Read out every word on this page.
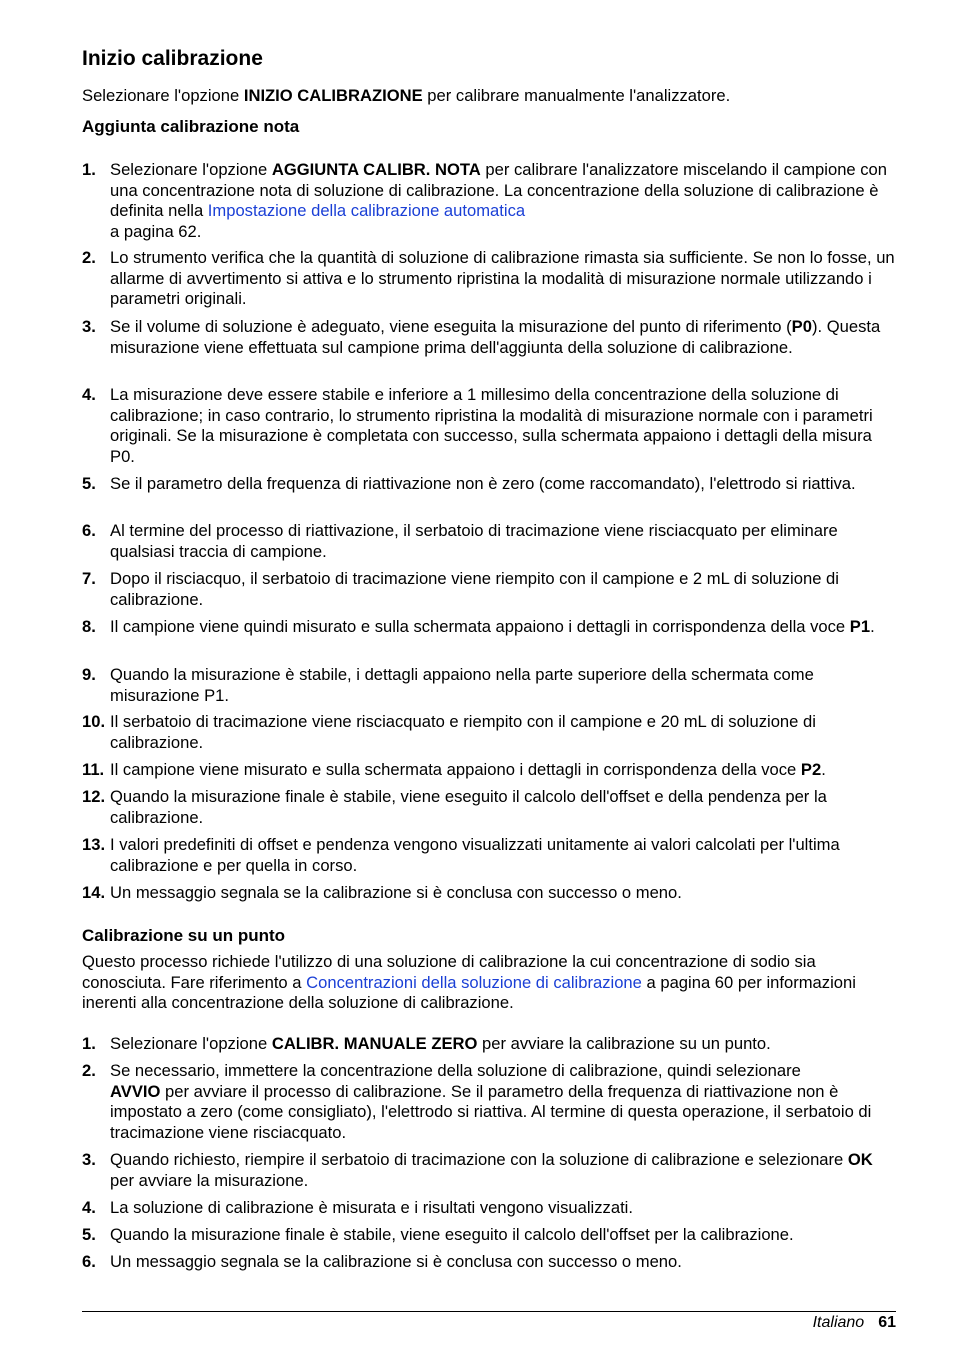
Inizio calibrazione

Selezionare l'opzione INIZIO CALIBRAZIONE per calibrare manualmente l'analizzatore.

Aggiunta calibrazione nota
1. Selezionare l'opzione AGGIUNTA CALIBR. NOTA per calibrare l'analizzatore miscelando il campione con una concentrazione nota di soluzione di calibrazione. La concentrazione della soluzione di calibrazione è definita nella Impostazione della calibrazione automatica
a pagina 62.
2. Lo strumento verifica che la quantità di soluzione di calibrazione rimasta sia sufficiente. Se non lo fosse, un allarme di avvertimento si attiva e lo strumento ripristina la modalità di misurazione normale utilizzando i parametri originali.
3. Se il volume di soluzione è adeguato, viene eseguita la misurazione del punto di riferimento (P0). Questa misurazione viene effettuata sul campione prima dell'aggiunta della soluzione di calibrazione.
4. La misurazione deve essere stabile e inferiore a 1 millesimo della concentrazione della soluzione di calibrazione; in caso contrario, lo strumento ripristina la modalità di misurazione normale con i parametri originali. Se la misurazione è completata con successo, sulla schermata appaiono i dettagli della misura P0.
5. Se il parametro della frequenza di riattivazione non è zero (come raccomandato), l'elettrodo si riattiva.
6. Al termine del processo di riattivazione, il serbatoio di tracimazione viene risciacquato per eliminare qualsiasi traccia di campione.
7. Dopo il risciacquo, il serbatoio di tracimazione viene riempito con il campione e 2 mL di soluzione di calibrazione.
8. Il campione viene quindi misurato e sulla schermata appaiono i dettagli in corrispondenza della voce P1.
9. Quando la misurazione è stabile, i dettagli appaiono nella parte superiore della schermata come misurazione P1.
10. Il serbatoio di tracimazione viene risciacquato e riempito con il campione e 20 mL di soluzione di calibrazione.
11. Il campione viene misurato e sulla schermata appaiono i dettagli in corrispondenza della voce P2.
12. Quando la misurazione finale è stabile, viene eseguito il calcolo dell'offset e della pendenza per la calibrazione.
13. I valori predefiniti di offset e pendenza vengono visualizzati unitamente ai valori calcolati per l'ultima calibrazione e per quella in corso.
14. Un messaggio segnala se la calibrazione si è conclusa con successo o meno.
Calibrazione su un punto

Questo processo richiede l'utilizzo di una soluzione di calibrazione la cui concentrazione di sodio sia conosciuta. Fare riferimento a Concentrazioni della soluzione di calibrazione a pagina 60 per informazioni inerenti alla concentrazione della soluzione di calibrazione.

1. Selezionare l'opzione CALIBR. MANUALE ZERO per avviare la calibrazione su un punto.
2. Se necessario, immettere la concentrazione della soluzione di calibrazione, quindi selezionare
AVVIO per avviare il processo di calibrazione. Se il parametro della frequenza di riattivazione non è impostato a zero (come consigliato), l'elettrodo si riattiva. Al termine di questa operazione, il serbatoio di tracimazione viene risciacquato.
3. Quando richiesto, riempire il serbatoio di tracimazione con la soluzione di calibrazione e selezionare OK per avviare la misurazione.
4. La soluzione di calibrazione è misurata e i risultati vengono visualizzati.
5. Quando la misurazione finale è stabile, viene eseguito il calcolo dell'offset per la calibrazione.
6. Un messaggio segnala se la calibrazione si è conclusa con successo o meno.
Italiano 61
